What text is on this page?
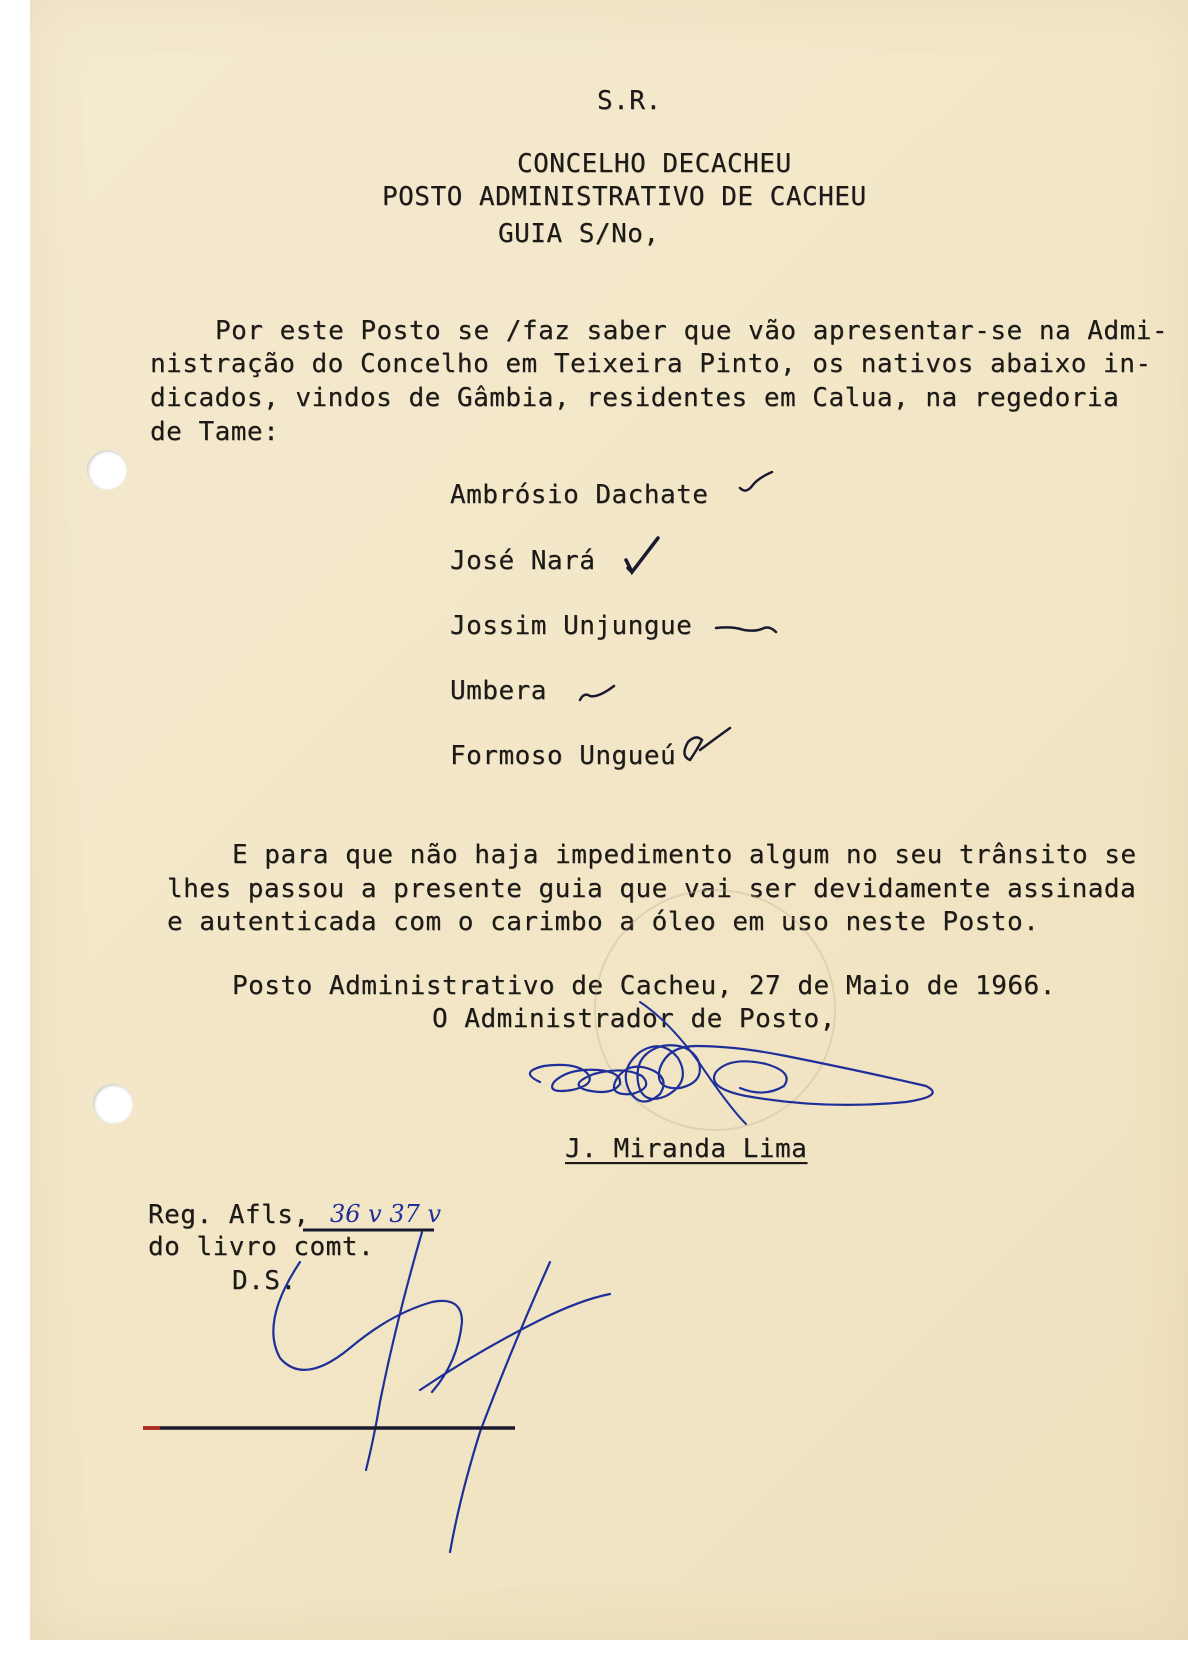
S.R.
CONCELHO DECACHEU
POSTO ADMINISTRATIVO DE CACHEU
GUIA S/No,
Por este Posto se /faz saber que vão apresentar-se na Admi-
nistração do Concelho em Teixeira Pinto, os nativos abaixo in-
dicados, vindos de Gâmbia, residentes em Calua, na regedoria
de Tame:
Ambrósio Dachate
José Nará
Jossim Unjungue
Umbera
Formoso Ungueú
E para que não haja impedimento algum no seu trânsito se
lhes passou a presente guia que vai ser devidamente assinada
e autenticada com o carimbo a óleo em uso neste Posto.
Posto Administrativo de Cacheu, 27 de Maio de 1966.
O Administrador de Posto,
J. Miranda Lima
Reg. Afls,
do livro comt.
D.S.
36 v 37 v
